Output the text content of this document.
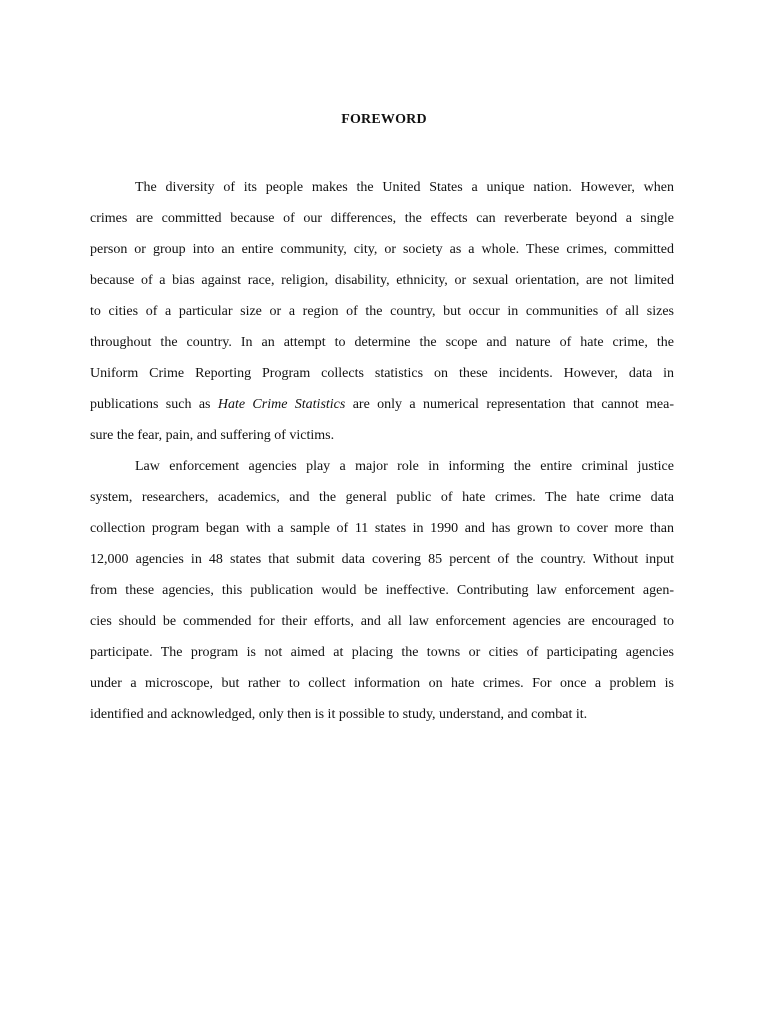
FOREWORD
The diversity of its people makes the United States a unique nation. However, when
crimes are committed because of our differences, the effects can reverberate beyond a single
person or group into an entire community, city, or society as a whole. These crimes, committed
because of a bias against race, religion, disability, ethnicity, or sexual orientation, are not limited
to cities of a particular size or a region of the country, but occur in communities of all sizes
throughout the country. In an attempt to determine the scope and nature of hate crime, the
Uniform Crime Reporting Program collects statistics on these incidents. However, data in
publications such as Hate Crime Statistics are only a numerical representation that cannot mea-
sure the fear, pain, and suffering of victims.
Law enforcement agencies play a major role in informing the entire criminal justice
system, researchers, academics, and the general public of hate crimes. The hate crime data
collection program began with a sample of 11 states in 1990 and has grown to cover more than
12,000 agencies in 48 states that submit data covering 85 percent of the country. Without input
from these agencies, this publication would be ineffective. Contributing law enforcement agen-
cies should be commended for their efforts, and all law enforcement agencies are encouraged to
participate. The program is not aimed at placing the towns or cities of participating agencies
under a microscope, but rather to collect information on hate crimes. For once a problem is
identified and acknowledged, only then is it possible to study, understand, and combat it.
